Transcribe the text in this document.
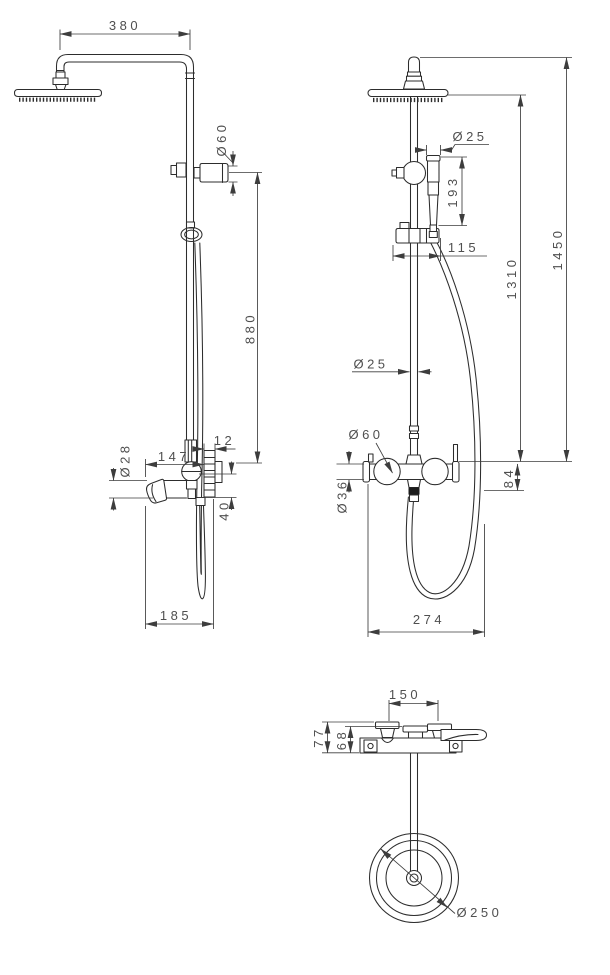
380
Ø60
880
Ø28 147
12
40
185
Ø25
193
115
1310
1450
Ø25
Ø60
Ø36
84
274
150
77 68
Ø250
